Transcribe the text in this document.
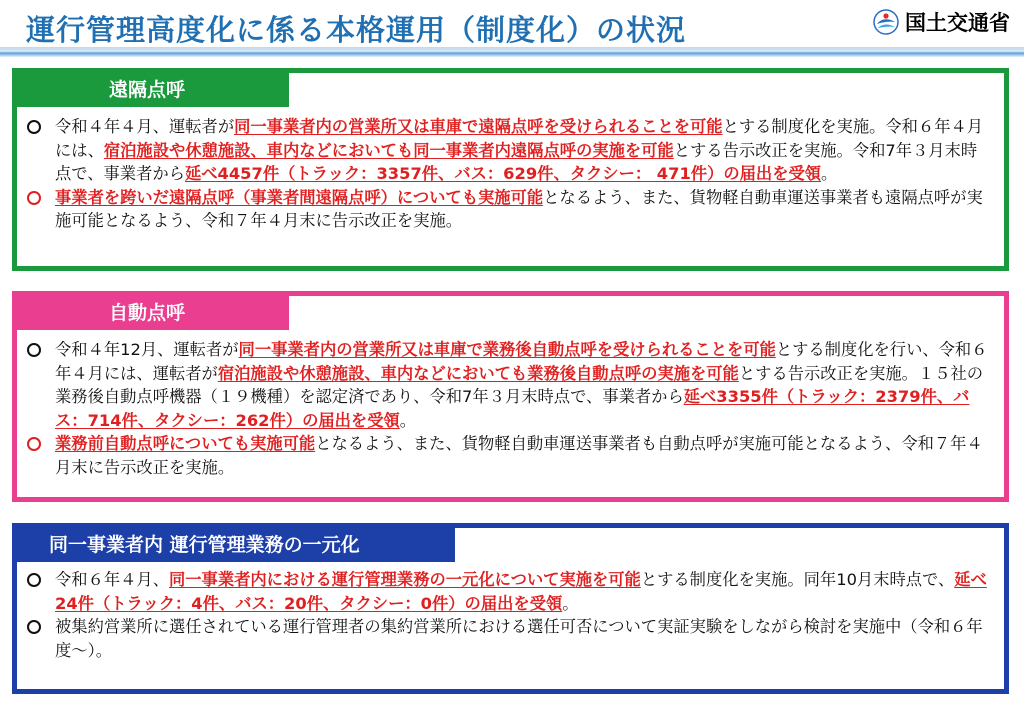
運行管理高度化に係る本格運用（制度化）の状況	国土交通省
遠隔点呼
令和４年４月、運転者が同一事業者内の営業所又は車庫で遠隔点呼を受けられることを可能とする制度化を実施。令和６年４月には、宿泊施設や休憩施設、車内などにおいても同一事業者内遠隔点呼の実施を可能とする告示改正を実施。令和7年３月末時点で、事業者から延べ4457件（トラック：3357件、バス：629件、タクシー： 471件）の届出を受領。
事業者を跨いだ遠隔点呼（事業者間遠隔点呼）についても実施可能となるよう、また、貨物軽自動車運送事業者も遠隔点呼が実施可能となるよう、令和７年４月末に告示改正を実施。
自動点呼
令和４年12月、運転者が同一事業者内の営業所又は車庫で業務後自動点呼を受けられることを可能とする制度化を行い、令和６年４月には、運転者が宿泊施設や休憩施設、車内などにおいても業務後自動点呼の実施を可能とする告示改正を実施。１５社の業務後自動点呼機器（１９機種）を認定済であり、令和7年３月末時点で、事業者から延べ3355件（トラック：2379件、バス：714件、タクシー：262件）の届出を受領。
業務前自動点呼についても実施可能となるよう、また、貨物軽自動車運送事業者も自動点呼が実施可能となるよう、令和７年４月末に告示改正を実施。
同一事業者内 運行管理業務の一元化
令和６年４月、同一事業者内における運行管理業務の一元化について実施を可能とする制度化を実施。同年10月末時点で、延べ24件（トラック：4件、バス：20件、タクシー：0件）の届出を受領。
被集約営業所に選任されている運行管理者の集約営業所における選任可否について実証実験をしながら検討を実施中（令和６年度～）。
